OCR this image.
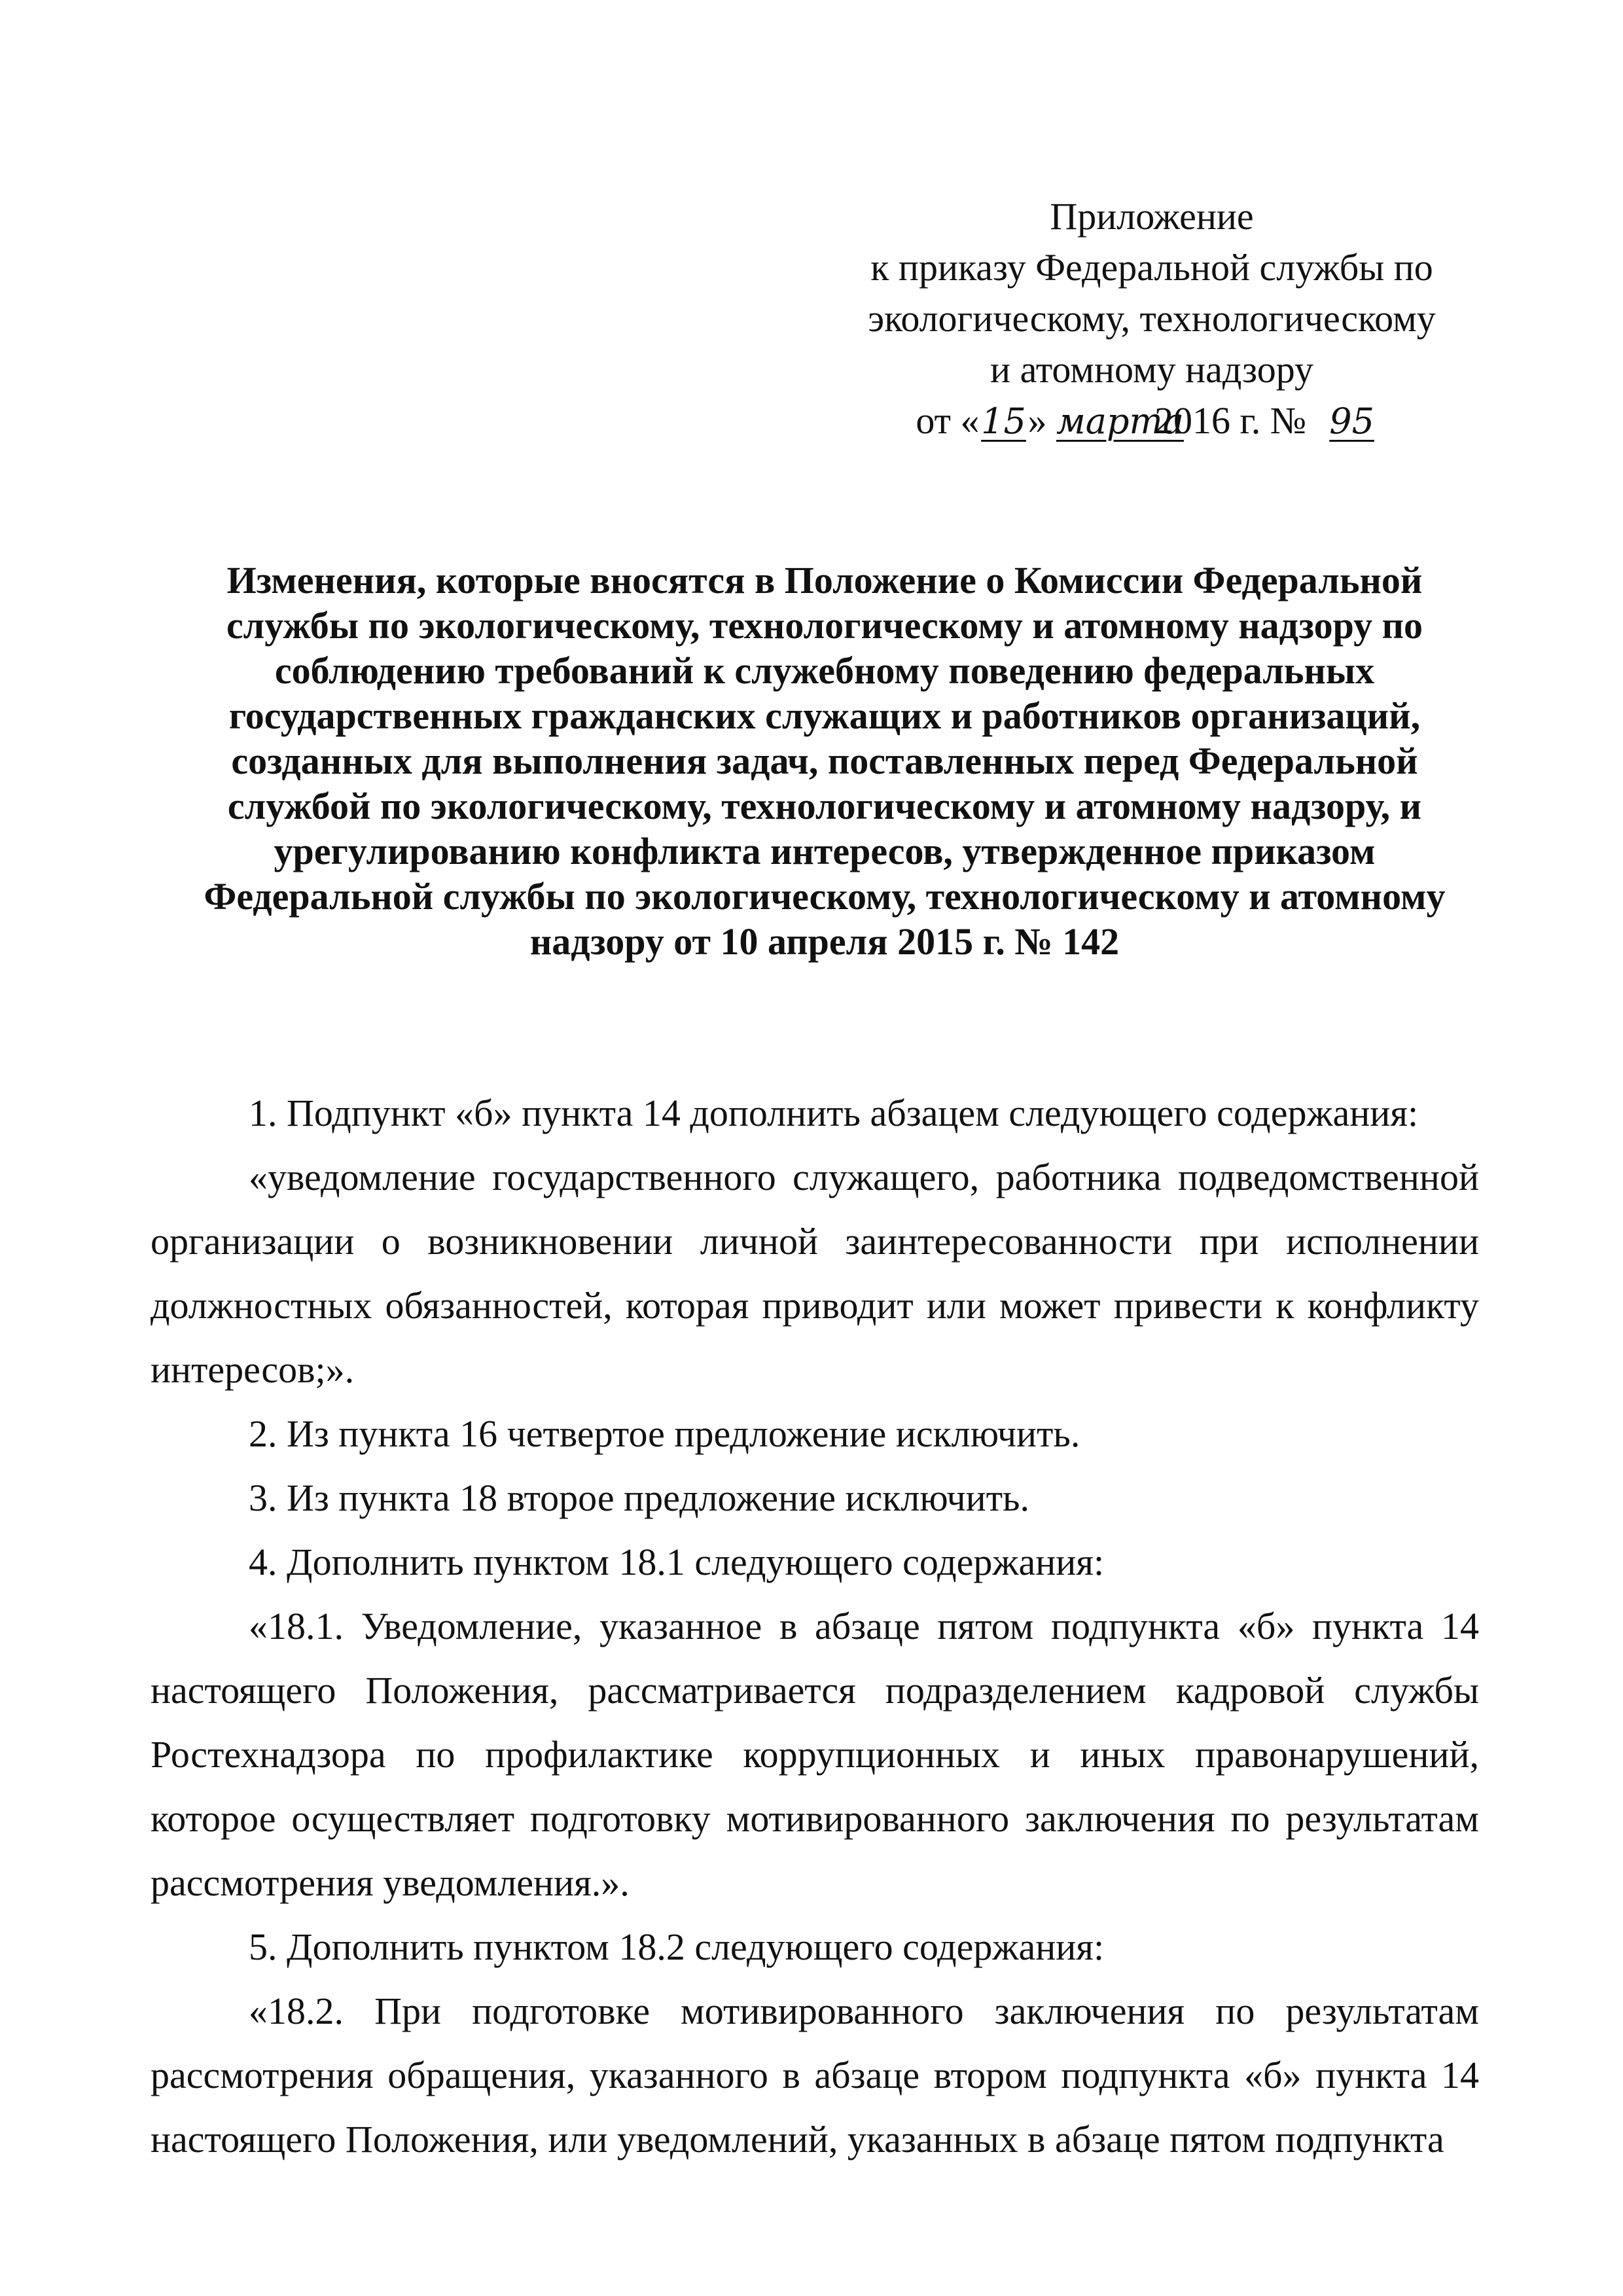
Приложение
к приказу Федеральной службы по
экологическому, технологическому
и атомному надзору
от «15» марта2016 г. № 95
Изменения, которые вносятся в Положение о Комиссии Федеральной
службы по экологическому, технологическому и атомному надзору по
соблюдению требований к служебному поведению федеральных
государственных гражданских служащих и работников организаций,
созданных для выполнения задач, поставленных перед Федеральной
службой по экологическому, технологическому и атомному надзору, и
урегулированию конфликта интересов, утвержденное приказом
Федеральной службы по экологическому, технологическому и атомному
надзору от 10 апреля 2015 г. № 142

1. Подпункт «б» пункта 14 дополнить абзацем следующего содержания:

«уведомление государственного служащего, работника подведомственной организации о возникновении личной заинтересованности при исполнении должностных обязанностей, которая приводит или может привести к конфликту интересов;».

2. Из пункта 16 четвертое предложение исключить.

3. Из пункта 18 второе предложение исключить.

4. Дополнить пунктом 18.1 следующего содержания:

«18.1. Уведомление, указанное в абзаце пятом подпункта «б» пункта 14 настоящего Положения, рассматривается подразделением кадровой службы Ростехнадзора по профилактике коррупционных и иных правонарушений, которое осуществляет подготовку мотивированного заключения по результатам рассмотрения уведомления.».

5. Дополнить пунктом 18.2 следующего содержания:

«18.2. При подготовке мотивированного заключения по результатам рассмотрения обращения, указанного в абзаце втором подпункта «б» пункта 14 настоящего Положения, или уведомлений, указанных в абзаце пятом подпункта
